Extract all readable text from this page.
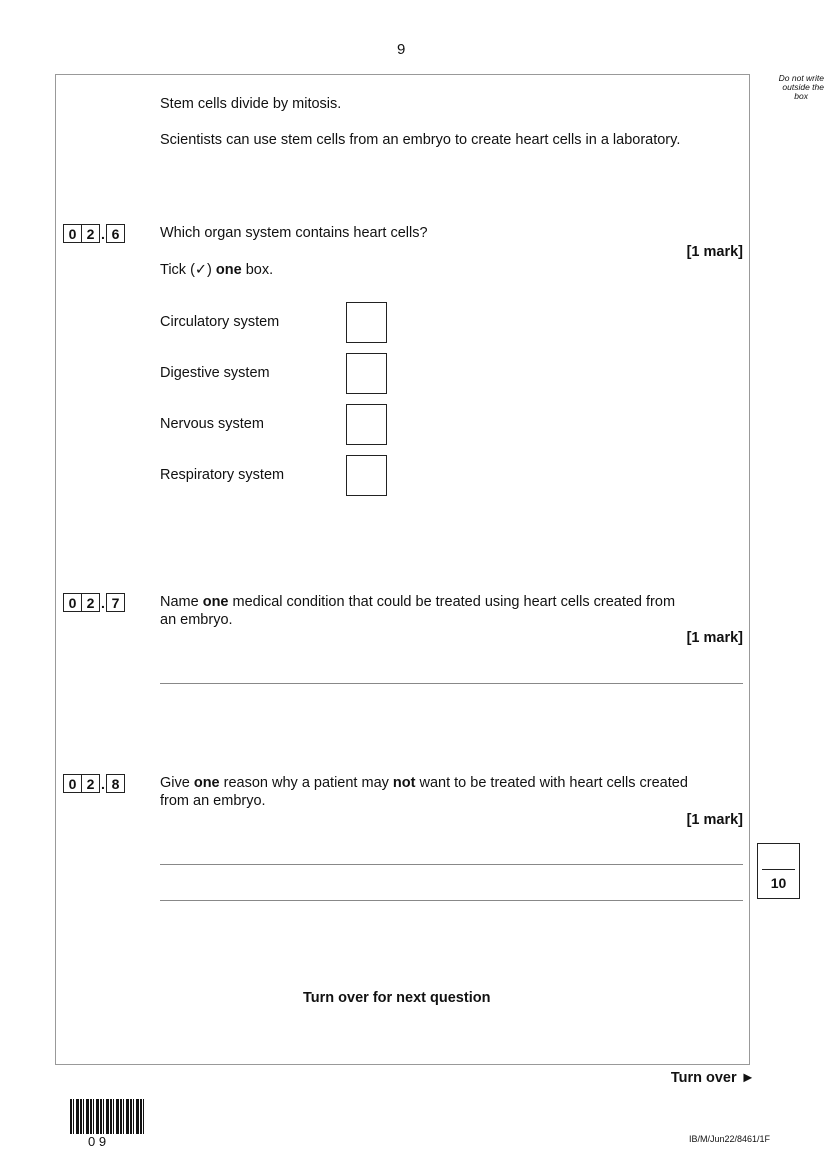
9
Do not write
outside the
box
Stem cells divide by mitosis.
Scientists can use stem cells from an embryo to create heart cells in a laboratory.
0 2 . 6	Which organ system contains heart cells?
[1 mark]
Tick (✓) one box.
Circulatory system
Digestive system
Nervous system
Respiratory system
0 2 . 7	Name one medical condition that could be treated using heart cells created from
an embryo.
[1 mark]
0 2 . 8	Give one reason why a patient may not want to be treated with heart cells created
from an embryo.
[1 mark]
10
Turn over for next question
Turn over ►
0 9	IB/M/Jun22/8461/1F
